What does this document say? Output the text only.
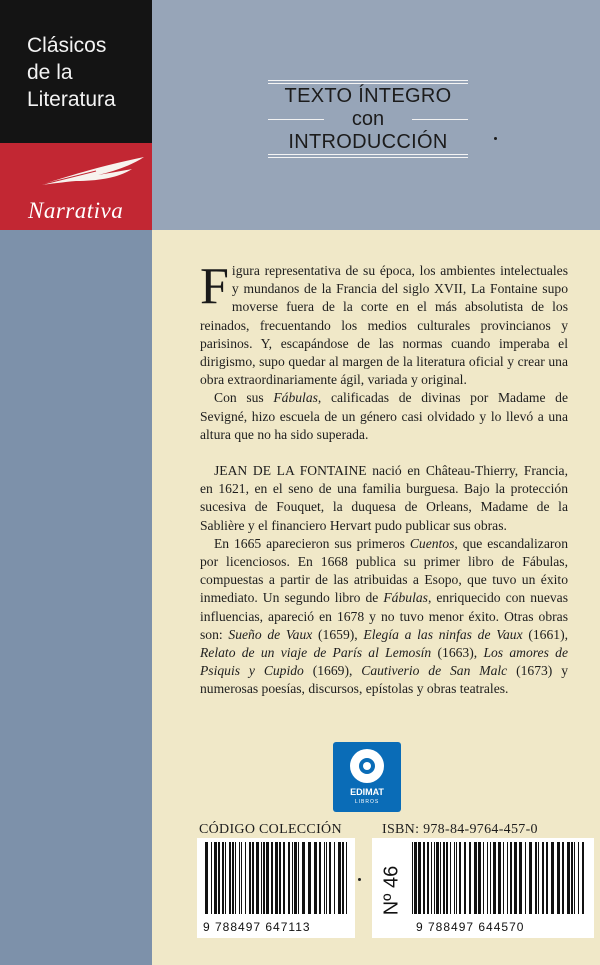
Clásicos
de la
Literatura
Narrativa
TEXTO ÍNTEGRO
con
INTRODUCCIÓN

Figura representativa de su época, los ambientes intelectuales y mundanos de la Francia del siglo XVII, La Fontaine supo moverse fuera de la corte en el más absolutista de los reinados, frecuentando los medios culturales provincianos y parisinos. Y, escapándose de las normas cuando imperaba el dirigismo, supo quedar al margen de la literatura oficial y crear una obra extraordinariamente ágil, variada y original.

Con sus Fábulas, calificadas de divinas por Madame de Sevigné, hizo escuela de un género casi olvidado y lo llevó a una altura que no ha sido superada.

JEAN DE LA FONTAINE nació en Château-Thierry, Francia, en 1621, en el seno de una familia burguesa. Bajo la protección sucesiva de Fouquet, la duquesa de Orleans, Madame de la Sablière y el financiero Hervart pudo publicar sus obras.

En 1665 aparecieron sus primeros Cuentos, que escandalizaron por licenciosos. En 1668 publica su primer libro de Fábulas, compuestas a partir de las atribuidas a Esopo, que tuvo un éxito inmediato. Un segundo libro de Fábulas, enriquecido con nuevas influencias, apareció en 1678 y no tuvo menor éxito. Otras obras son: Sueño de Vaux (1659), Elegía a las ninfas de Vaux (1661), Relato de un viaje de París al Lemosín (1663), Los amores de Psiquis y Cupido (1669), Cautiverio de San Malc (1673) y numerosas poesías, discursos, epístolas y obras teatrales.

EDIMAT
LIBROS
CÓDIGO COLECCIÓN	ISBN: 978-84-9764-457-0
9 788497 647113	9 788497 644570
Nº 46
